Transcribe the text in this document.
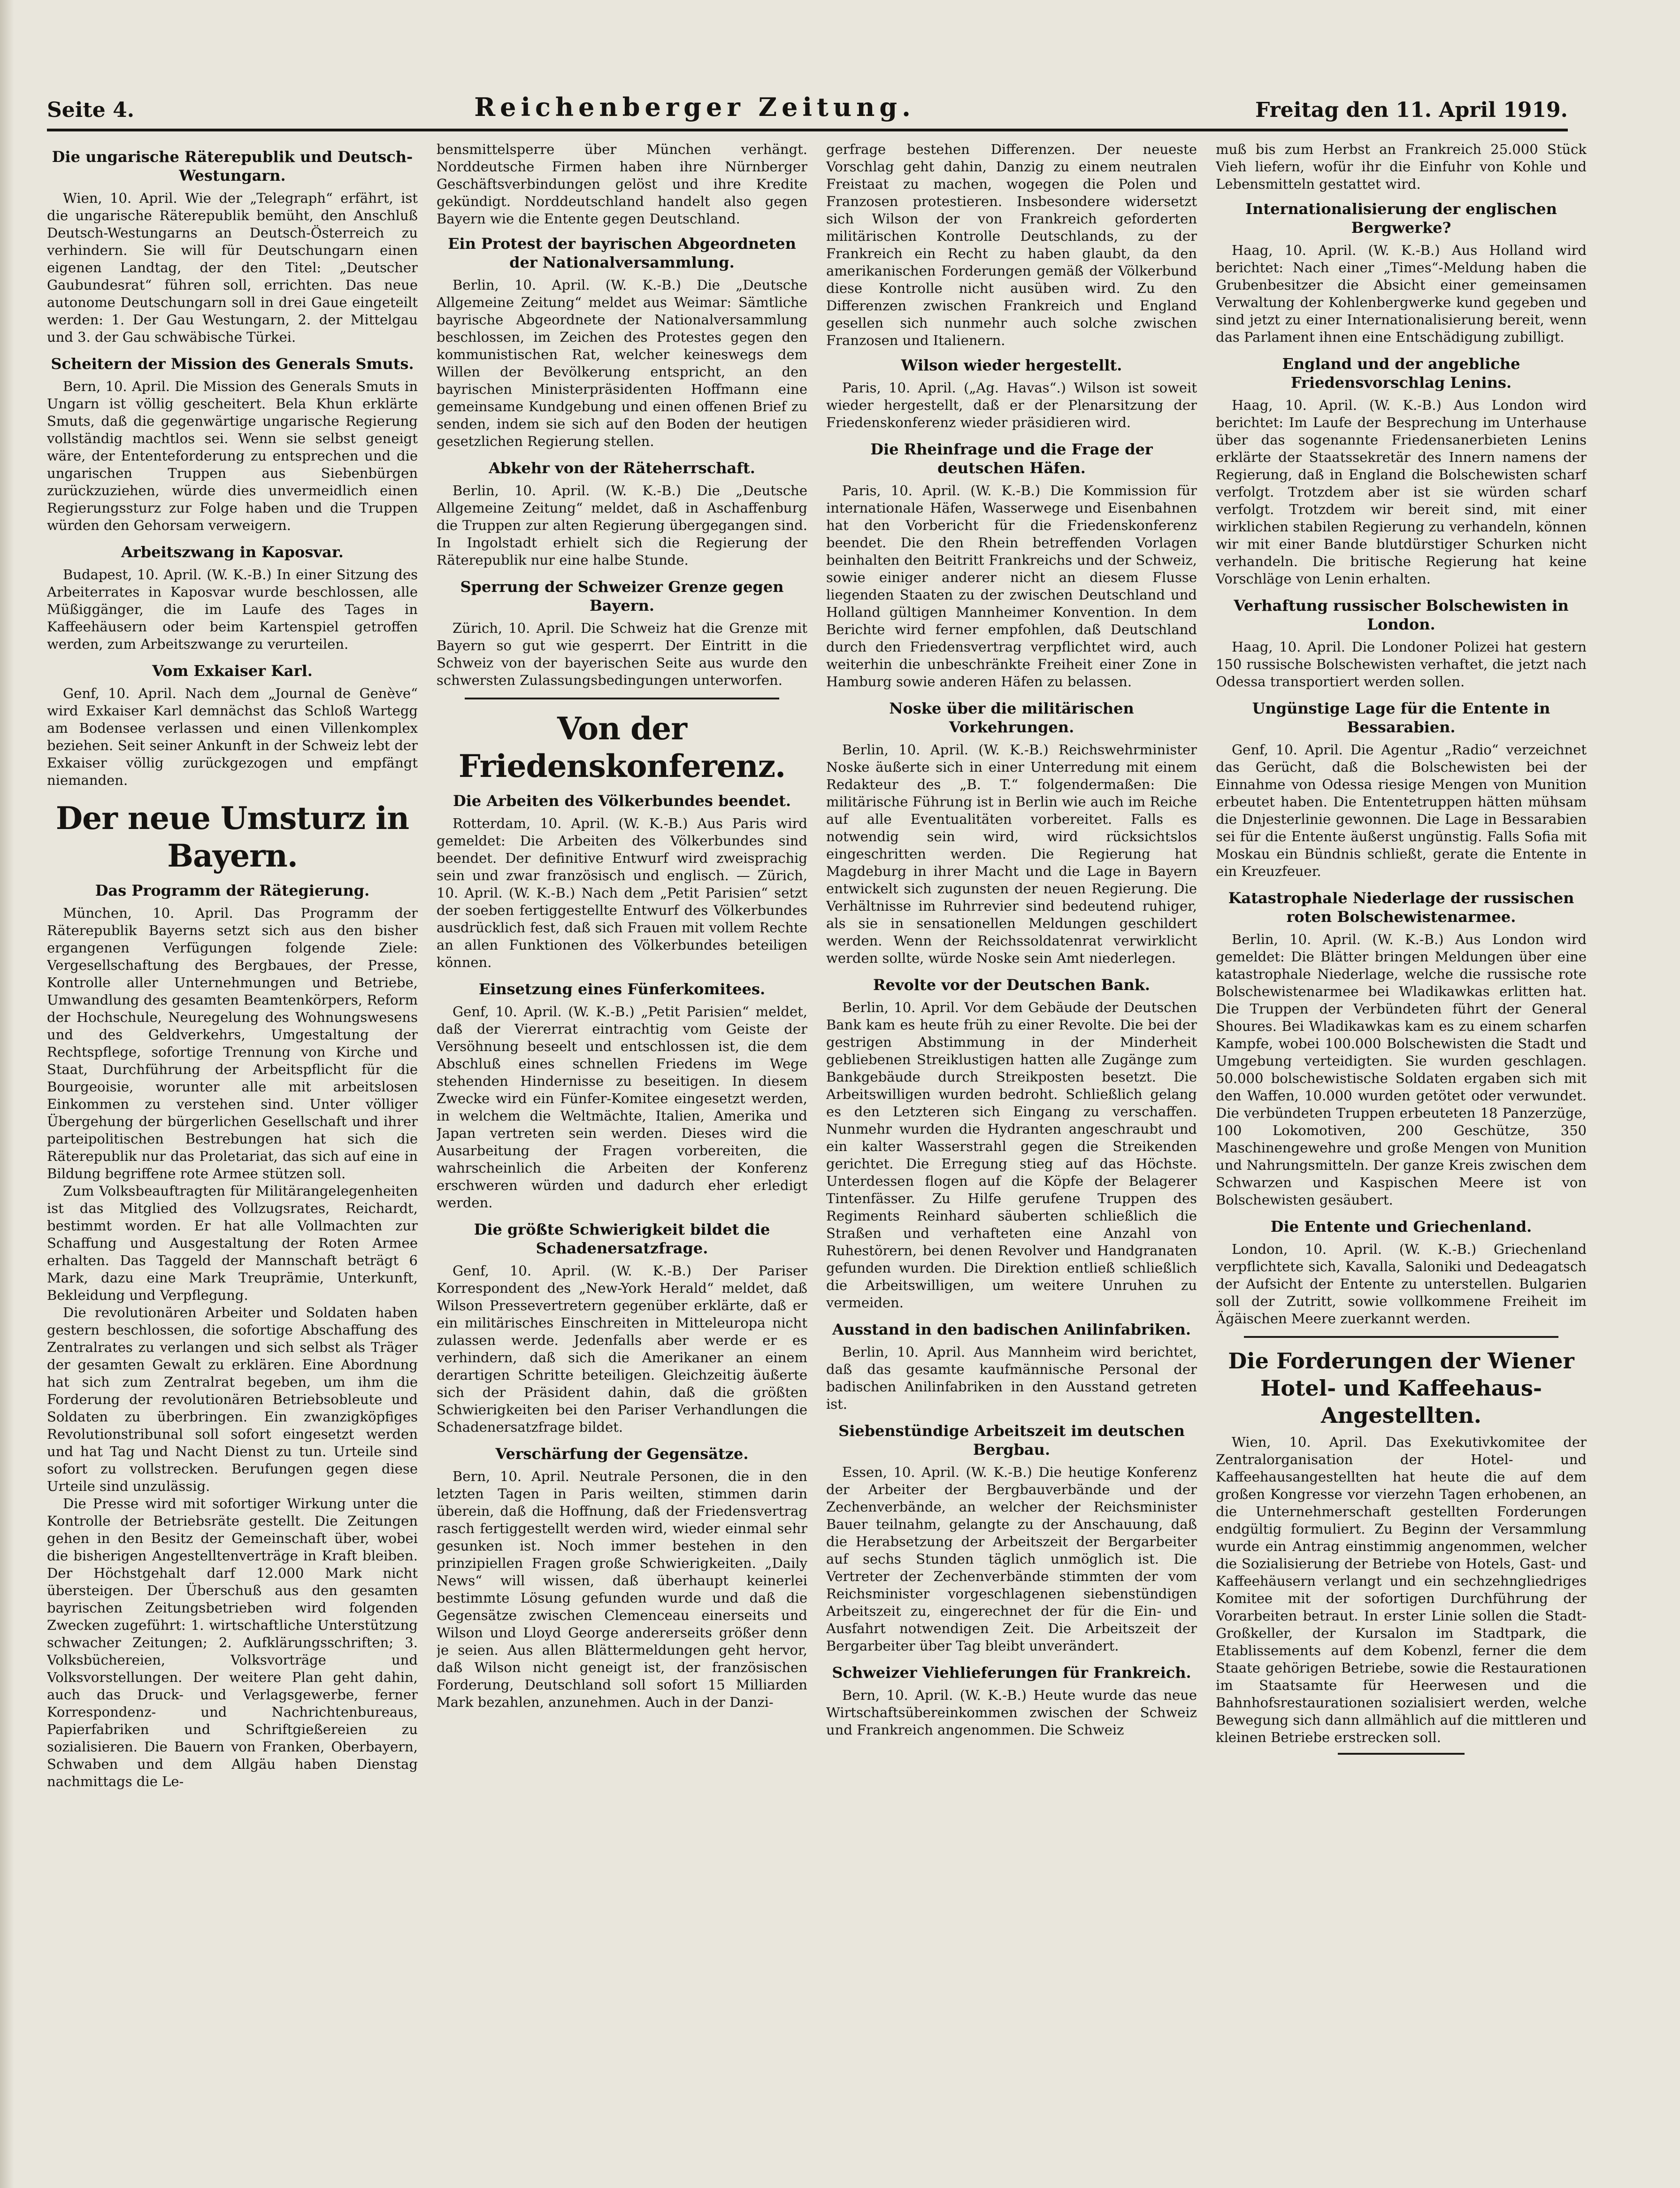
Seite 4.	Reichenberger Zeitung.	Freitag den 11. April 1919.
Die ungarische Räterepublik und Deutsch-Westungarn.

Wien, 10. April. Wie der „Telegraph“ erfährt, ist die ungarische Räterepublik bemüht, den Anschluß Deutsch-Westungarns an Deutsch-Österreich zu verhindern. Sie will für Deutschungarn einen eigenen Landtag, der den Titel: „Deutscher Gaubundesrat“ führen soll, errichten. Das neue autonome Deutschungarn soll in drei Gaue eingeteilt werden: 1. Der Gau Westungarn, 2. der Mittelgau und 3. der Gau schwäbische Türkei.

Scheitern der Mission des Generals Smuts.

Bern, 10. April. Die Mission des Generals Smuts in Ungarn ist völlig gescheitert. Bela Khun erklärte Smuts, daß die gegenwärtige ungarische Regierung vollständig machtlos sei. Wenn sie selbst geneigt wäre, der Ententeforderung zu entsprechen und die ungarischen Truppen aus Siebenbürgen zurückzuziehen, würde dies unvermeidlich einen Regierungssturz zur Folge haben und die Truppen würden den Gehorsam verweigern.

Arbeitszwang in Kaposvar.

Budapest, 10. April. (W. K.-B.) In einer Sitzung des Arbeiterrates in Kaposvar wurde beschlossen, alle Müßiggänger, die im Laufe des Tages in Kaffeehäusern oder beim Kartenspiel getroffen werden, zum Arbeitszwange zu verurteilen.

Vom Exkaiser Karl.

Genf, 10. April. Nach dem „Journal de Genève“ wird Exkaiser Karl demnächst das Schloß Wartegg am Bodensee verlassen und einen Villenkomplex beziehen. Seit seiner Ankunft in der Schweiz lebt der Exkaiser völlig zurückgezogen und empfängt niemanden.

Der neue Umsturz in Bayern.
Das Programm der Rätegierung.

München, 10. April. Das Programm der Räterepublik Bayerns setzt sich aus den bisher ergangenen Verfügungen folgende Ziele: Vergesellschaftung des Bergbaues, der Presse, Kontrolle aller Unternehmungen und Betriebe, Umwandlung des gesamten Beamtenkörpers, Reform der Hochschule, Neuregelung des Wohnungswesens und des Geldverkehrs, Umgestaltung der Rechtspflege, sofortige Trennung von Kirche und Staat, Durchführung der Arbeitspflicht für die Bourgeoisie, worunter alle mit arbeitslosen Einkommen zu verstehen sind. Unter völliger Übergehung der bürgerlichen Gesellschaft und ihrer parteipolitischen Bestrebungen hat sich die Räterepublik nur das Proletariat, das sich auf eine in Bildung begriffene rote Armee stützen soll.

Zum Volksbeauftragten für Militärangelegenheiten ist das Mitglied des Vollzugsrates, Reichardt, bestimmt worden. Er hat alle Vollmachten zur Schaffung und Ausgestaltung der Roten Armee erhalten. Das Taggeld der Mannschaft beträgt 6 Mark, dazu eine Mark Treuprämie, Unterkunft, Bekleidung und Verpflegung.

Die revolutionären Arbeiter und Soldaten haben gestern beschlossen, die sofortige Abschaffung des Zentralrates zu verlangen und sich selbst als Träger der gesamten Gewalt zu erklären. Eine Abordnung hat sich zum Zentralrat begeben, um ihm die Forderung der revolutionären Betriebsobleute und Soldaten zu überbringen. Ein zwanzigköpfiges Revolutionstribunal soll sofort eingesetzt werden und hat Tag und Nacht Dienst zu tun. Urteile sind sofort zu vollstrecken. Berufungen gegen diese Urteile sind unzulässig.

Die Presse wird mit sofortiger Wirkung unter die Kontrolle der Betriebsräte gestellt. Die Zeitungen gehen in den Besitz der Gemeinschaft über, wobei die bisherigen Angestelltenverträge in Kraft bleiben. Der Höchstgehalt darf 12.000 Mark nicht übersteigen. Der Überschuß aus den gesamten bayrischen Zeitungsbetrieben wird folgenden Zwecken zugeführt: 1. wirtschaftliche Unterstützung schwacher Zeitungen; 2. Aufklärungsschriften; 3. Volksbüchereien, Volksvorträge und Volksvorstellungen. Der weitere Plan geht dahin, auch das Druck- und Verlagsgewerbe, ferner Korrespondenz- und Nachrichtenbureaus, Papierfabriken und Schriftgießereien zu sozialisieren. Die Bauern von Franken, Oberbayern, Schwaben und dem Allgäu haben Dienstag nachmittags die Le-

bensmittelsperre über München verhängt. Norddeutsche Firmen haben ihre Nürnberger Geschäftsverbindungen gelöst und ihre Kredite gekündigt. Norddeutschland handelt also gegen Bayern wie die Entente gegen Deutschland.

Ein Protest der bayrischen Abgeordneten der Nationalversammlung.

Berlin, 10. April. (W. K.-B.) Die „Deutsche Allgemeine Zeitung“ meldet aus Weimar: Sämtliche bayrische Abgeordnete der Nationalversammlung beschlossen, im Zeichen des Protestes gegen den kommunistischen Rat, welcher keineswegs dem Willen der Bevölkerung entspricht, an den bayrischen Ministerpräsidenten Hoffmann eine gemeinsame Kundgebung und einen offenen Brief zu senden, indem sie sich auf den Boden der heutigen gesetzlichen Regierung stellen.

Abkehr von der Räteherrschaft.

Berlin, 10. April. (W. K.-B.) Die „Deutsche Allgemeine Zeitung“ meldet, daß in Aschaffenburg die Truppen zur alten Regierung übergegangen sind. In Ingolstadt erhielt sich die Regierung der Räterepublik nur eine halbe Stunde.

Sperrung der Schweizer Grenze gegen Bayern.

Zürich, 10. April. Die Schweiz hat die Grenze mit Bayern so gut wie gesperrt. Der Eintritt in die Schweiz von der bayerischen Seite aus wurde den schwersten Zulassungsbedingungen unterworfen.

Von der Friedenskonferenz.
Die Arbeiten des Völkerbundes beendet.

Rotterdam, 10. April. (W. K.-B.) Aus Paris wird gemeldet: Die Arbeiten des Völkerbundes sind beendet. Der definitive Entwurf wird zweisprachig sein und zwar französisch und englisch. — Zürich, 10. April. (W. K.-B.) Nach dem „Petit Parisien“ setzt der soeben fertiggestellte Entwurf des Völkerbundes ausdrücklich fest, daß sich Frauen mit vollem Rechte an allen Funktionen des Völkerbundes beteiligen können.

Einsetzung eines Fünferkomitees.

Genf, 10. April. (W. K.-B.) „Petit Parisien“ meldet, daß der Viererrat eintrachtig vom Geiste der Versöhnung beseelt und entschlossen ist, die dem Abschluß eines schnellen Friedens im Wege stehenden Hindernisse zu beseitigen. In diesem Zwecke wird ein Fünfer-Komitee eingesetzt werden, in welchem die Weltmächte, Italien, Amerika und Japan vertreten sein werden. Dieses wird die Ausarbeitung der Fragen vorbereiten, die wahrscheinlich die Arbeiten der Konferenz erschweren würden und dadurch eher erledigt werden.

Die größte Schwierigkeit bildet die Schadenersatzfrage.

Genf, 10. April. (W. K.-B.) Der Pariser Korrespondent des „New-York Herald“ meldet, daß Wilson Pressevertretern gegenüber erklärte, daß er ein militärisches Einschreiten in Mitteleuropa nicht zulassen werde. Jedenfalls aber werde er es verhindern, daß sich die Amerikaner an einem derartigen Schritte beteiligen. Gleichzeitig äußerte sich der Präsident dahin, daß die größten Schwierigkeiten bei den Pariser Verhandlungen die Schadenersatzfrage bildet.

Verschärfung der Gegensätze.

Bern, 10. April. Neutrale Personen, die in den letzten Tagen in Paris weilten, stimmen darin überein, daß die Hoffnung, daß der Friedensvertrag rasch fertiggestellt werden wird, wieder einmal sehr gesunken ist. Noch immer bestehen in den prinzipiellen Fragen große Schwierigkeiten. „Daily News“ will wissen, daß überhaupt keinerlei bestimmte Lösung gefunden wurde und daß die Gegensätze zwischen Clemenceau einerseits und Wilson und Lloyd George andererseits größer denn je seien. Aus allen Blättermeldungen geht hervor, daß Wilson nicht geneigt ist, der französischen Forderung, Deutschland soll sofort 15 Milliarden Mark bezahlen, anzunehmen. Auch in der Danzi-

gerfrage bestehen Differenzen. Der neueste Vorschlag geht dahin, Danzig zu einem neutralen Freistaat zu machen, wogegen die Polen und Franzosen protestieren. Insbesondere widersetzt sich Wilson der von Frankreich geforderten militärischen Kontrolle Deutschlands, zu der Frankreich ein Recht zu haben glaubt, da den amerikanischen Forderungen gemäß der Völkerbund diese Kontrolle nicht ausüben wird. Zu den Differenzen zwischen Frankreich und England gesellen sich nunmehr auch solche zwischen Franzosen und Italienern.

Wilson wieder hergestellt.

Paris, 10. April. („Ag. Havas“.) Wilson ist soweit wieder hergestellt, daß er der Plenarsitzung der Friedenskonferenz wieder präsidieren wird.

Die Rheinfrage und die Frage der deutschen Häfen.

Paris, 10. April. (W. K.-B.) Die Kommission für internationale Häfen, Wasserwege und Eisenbahnen hat den Vorbericht für die Friedenskonferenz beendet. Die den Rhein betreffenden Vorlagen beinhalten den Beitritt Frankreichs und der Schweiz, sowie einiger anderer nicht an diesem Flusse liegenden Staaten zu der zwischen Deutschland und Holland gültigen Mannheimer Konvention. In dem Berichte wird ferner empfohlen, daß Deutschland durch den Friedensvertrag verpflichtet wird, auch weiterhin die unbeschränkte Freiheit einer Zone in Hamburg sowie anderen Häfen zu belassen.

Noske über die militärischen Vorkehrungen.

Berlin, 10. April. (W. K.-B.) Reichswehrminister Noske äußerte sich in einer Unterredung mit einem Redakteur des „B. T.“ folgendermaßen: Die militärische Führung ist in Berlin wie auch im Reiche auf alle Eventualitäten vorbereitet. Falls es notwendig sein wird, wird rücksichtslos eingeschritten werden. Die Regierung hat Magdeburg in ihrer Macht und die Lage in Bayern entwickelt sich zugunsten der neuen Regierung. Die Verhältnisse im Ruhrrevier sind bedeutend ruhiger, als sie in sensationellen Meldungen geschildert werden. Wenn der Reichssoldatenrat verwirklicht werden sollte, würde Noske sein Amt niederlegen.

Revolte vor der Deutschen Bank.

Berlin, 10. April. Vor dem Gebäude der Deutschen Bank kam es heute früh zu einer Revolte. Die bei der gestrigen Abstimmung in der Minderheit gebliebenen Streiklustigen hatten alle Zugänge zum Bankgebäude durch Streikposten besetzt. Die Arbeitswilligen wurden bedroht. Schließlich gelang es den Letzteren sich Eingang zu verschaffen. Nunmehr wurden die Hydranten angeschraubt und ein kalter Wasserstrahl gegen die Streikenden gerichtet. Die Erregung stieg auf das Höchste. Unterdessen flogen auf die Köpfe der Belagerer Tintenfässer. Zu Hilfe gerufene Truppen des Regiments Reinhard säuberten schließlich die Straßen und verhafteten eine Anzahl von Ruhestörern, bei denen Revolver und Handgranaten gefunden wurden. Die Direktion entließ schließlich die Arbeitswilligen, um weitere Unruhen zu vermeiden.

Ausstand in den badischen Anilinfabriken.

Berlin, 10. April. Aus Mannheim wird berichtet, daß das gesamte kaufmännische Personal der badischen Anilinfabriken in den Ausstand getreten ist.

Siebenstündige Arbeitszeit im deutschen Bergbau.

Essen, 10. April. (W. K.-B.) Die heutige Konferenz der Arbeiter der Bergbauverbände und der Zechenverbände, an welcher der Reichsminister Bauer teilnahm, gelangte zu der Anschauung, daß die Herabsetzung der Arbeitszeit der Bergarbeiter auf sechs Stunden täglich unmöglich ist. Die Vertreter der Zechenverbände stimmten der vom Reichsminister vorgeschlagenen siebenstündigen Arbeitszeit zu, eingerechnet der für die Ein- und Ausfahrt notwendigen Zeit. Die Arbeitszeit der Bergarbeiter über Tag bleibt unverändert.

Schweizer Viehlieferungen für Frankreich.

Bern, 10. April. (W. K.-B.) Heute wurde das neue Wirtschaftsübereinkommen zwischen der Schweiz und Frankreich angenommen. Die Schweiz

muß bis zum Herbst an Frankreich 25.000 Stück Vieh liefern, wofür ihr die Einfuhr von Kohle und Lebensmitteln gestattet wird.

Internationalisierung der englischen Bergwerke?

Haag, 10. April. (W. K.-B.) Aus Holland wird berichtet: Nach einer „Times“-Meldung haben die Grubenbesitzer die Absicht einer gemeinsamen Verwaltung der Kohlenbergwerke kund gegeben und sind jetzt zu einer Internationalisierung bereit, wenn das Parlament ihnen eine Entschädigung zubilligt.

England und der angebliche Friedensvorschlag Lenins.

Haag, 10. April. (W. K.-B.) Aus London wird berichtet: Im Laufe der Besprechung im Unterhause über das sogenannte Friedensanerbieten Lenins erklärte der Staatssekretär des Innern namens der Regierung, daß in England die Bolschewisten scharf verfolgt. Trotzdem aber ist sie würden scharf verfolgt. Trotzdem wir bereit sind, mit einer wirklichen stabilen Regierung zu verhandeln, können wir mit einer Bande blutdürstiger Schurken nicht verhandeln. Die britische Regierung hat keine Vorschläge von Lenin erhalten.

Verhaftung russischer Bolschewisten in London.

Haag, 10. April. Die Londoner Polizei hat gestern 150 russische Bolschewisten verhaftet, die jetzt nach Odessa transportiert werden sollen.

Ungünstige Lage für die Entente in Bessarabien.

Genf, 10. April. Die Agentur „Radio“ verzeichnet das Gerücht, daß die Bolschewisten bei der Einnahme von Odessa riesige Mengen von Munition erbeutet haben. Die Ententetruppen hätten mühsam die Dnjesterlinie gewonnen. Die Lage in Bessarabien sei für die Entente äußerst ungünstig. Falls Sofia mit Moskau ein Bündnis schließt, gerate die Entente in ein Kreuzfeuer.

Katastrophale Niederlage der russischen roten Bolschewistenarmee.

Berlin, 10. April. (W. K.-B.) Aus London wird gemeldet: Die Blätter bringen Meldungen über eine katastrophale Niederlage, welche die russische rote Bolschewistenarmee bei Wladikawkas erlitten hat. Die Truppen der Verbündeten führt der General Shoures. Bei Wladikawkas kam es zu einem scharfen Kampfe, wobei 100.000 Bolschewisten die Stadt und Umgebung verteidigten. Sie wurden geschlagen. 50.000 bolschewistische Soldaten ergaben sich mit den Waffen, 10.000 wurden getötet oder verwundet. Die verbündeten Truppen erbeuteten 18 Panzerzüge, 100 Lokomotiven, 200 Geschütze, 350 Maschinengewehre und große Mengen von Munition und Nahrungsmitteln. Der ganze Kreis zwischen dem Schwarzen und Kaspischen Meere ist von Bolschewisten gesäubert.

Die Entente und Griechenland.

London, 10. April. (W. K.-B.) Griechenland verpflichtete sich, Kavalla, Saloniki und Dedeagatsch der Aufsicht der Entente zu unterstellen. Bulgarien soll der Zutritt, sowie vollkommene Freiheit im Ägäischen Meere zuerkannt werden.

Die Forderungen der Wiener Hotel- und Kaffeehaus-Angestellten.

Wien, 10. April. Das Exekutivkomitee der Zentralorganisation der Hotel- und Kaffeehausangestellten hat heute die auf dem großen Kongresse vor vierzehn Tagen erhobenen, an die Unternehmerschaft gestellten Forderungen endgültig formuliert. Zu Beginn der Versammlung wurde ein Antrag einstimmig angenommen, welcher die Sozialisierung der Betriebe von Hotels, Gast- und Kaffeehäusern verlangt und ein sechzehngliedriges Komitee mit der sofortigen Durchführung der Vorarbeiten betraut. In erster Linie sollen die Stadt-Großkeller, der Kursalon im Stadtpark, die Etablissements auf dem Kobenzl, ferner die dem Staate gehörigen Betriebe, sowie die Restaurationen im Staatsamte für Heerwesen und die Bahnhofsrestaurationen sozialisiert werden, welche Bewegung sich dann allmählich auf die mittleren und kleinen Betriebe erstrecken soll.
